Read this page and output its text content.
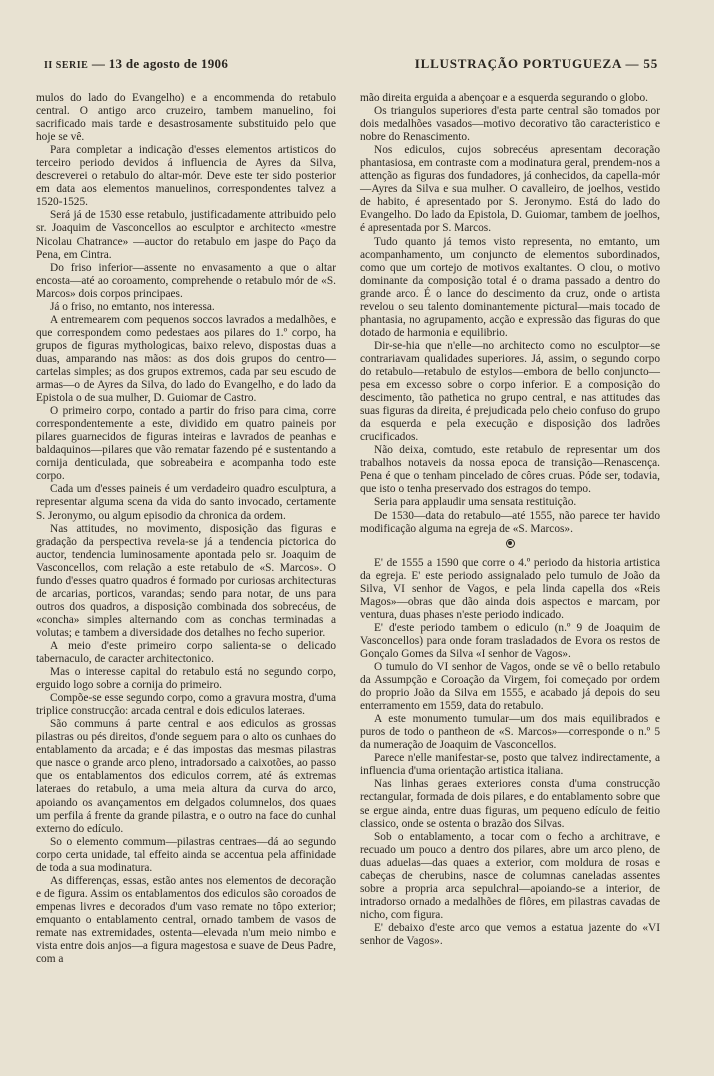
II SERIE — 13 de agosto de 1906	ILLUSTRAÇÃO PORTUGUEZA — 55

mulos do lado do Evangelho) e a encommenda do retabulo central. O antigo arco cruzeiro, tambem manuelino, foi sacrificado mais tarde e desastrosamente substituido pelo que hoje se vê.

Para completar a indicação d'esses elementos artisticos do terceiro periodo devidos á influencia de Ayres da Silva, descreverei o retabulo do altar-mór. Deve este ter sido posterior em data aos elementos manuelinos, correspondentes talvez a 1520-1525.

Será já de 1530 esse retabulo, justificadamente attribuido pelo sr. Joaquim de Vasconcellos ao esculptor e architecto «mestre Nicolau Chatrance» —auctor do retabulo em jaspe do Paço da Pena, em Cintra.

Do friso inferior—assente no envasamento a que o altar encosta—até ao coroamento, comprehende o retabulo mór de «S. Marcos» dois corpos principaes.

Já o friso, no emtanto, nos interessa.

A entremearem com pequenos soccos lavrados a medalhões, e que correspondem como pedestaes aos pilares do 1.º corpo, ha grupos de figuras mythologicas, baixo relevo, dispostas duas a duas, amparando nas mãos: as dos dois grupos do centro—cartelas simples; as dos grupos extremos, cada par seu escudo de armas—o de Ayres da Silva, do lado do Evangelho, e do lado da Epistola o de sua mulher, D. Guiomar de Castro.

O primeiro corpo, contado a partir do friso para cima, corre correspondentemente a este, dividido em quatro paineis por pilares guarnecidos de figuras inteiras e lavrados de peanhas e baldaquinos—pilares que vão rematar fazendo pé e sustentando a cornija denticulada, que sobreabeira e acompanha todo este corpo.

Cada um d'esses paineis é um verdadeiro quadro esculptura, a representar alguma scena da vida do santo invocado, certamente S. Jeronymo, ou algum episodio da chronica da ordem.

Nas attitudes, no movimento, disposição das figuras e gradação da perspectiva revela-se já a tendencia pictorica do auctor, tendencia luminosamente apontada pelo sr. Joaquim de Vasconcellos, com relação a este retabulo de «S. Marcos». O fundo d'esses quatro quadros é formado por curiosas architecturas de arcarias, porticos, varandas; sendo para notar, de uns para outros dos quadros, a disposição combinada dos sobrecéus, de «concha» simples alternando com as conchas terminadas a volutas; e tambem a diversidade dos detalhes no fecho superior.

A meio d'este primeiro corpo salienta-se o delicado tabernaculo, de caracter architectonico.

Mas o interesse capital do retabulo está no segundo corpo, erguido logo sobre a cornija do primeiro.

Compõe-se esse segundo corpo, como a gravura mostra, d'uma triplice construcção: arcada central e dois ediculos lateraes.

São communs á parte central e aos ediculos as grossas pilastras ou pés direitos, d'onde seguem para o alto os cunhaes do entablamento da arcada; e é das impostas das mesmas pilastras que nasce o grande arco pleno, intradorsado a caixotões, ao passo que os entablamentos dos ediculos correm, até ás extremas lateraes do retabulo, a uma meia altura da curva do arco, apoiando os avançamentos em delgados columnelos, dos quaes um perfila á frente da grande pilastra, e o outro na face do cunhal externo do edículo.

So o elemento commum—pilastras centraes—dá ao segundo corpo certa unidade, tal effeito ainda se accentua pela affinidade de toda a sua modinatura.

As differenças, essas, estão antes nos elementos de decoração e de figura. Assim os entablamentos dos ediculos são coroados de empenas livres e decorados d'um vaso remate no tôpo exterior; emquanto o entablamento central, ornado tambem de vasos de remate nas extremidades, ostenta—elevada n'um meio nimbo e vista entre dois anjos—a figura magestosa e suave de Deus Padre, com a

mão direita erguida a abençoar e a esquerda segurando o globo.

Os triangulos superiores d'esta parte central são tomados por dois medalhões vasados—motivo decorativo tão caracteristico e nobre do Renascimento.

Nos ediculos, cujos sobrecéus apresentam decoração phantasiosa, em contraste com a modinatura geral, prendem-nos a attenção as figuras dos fundadores, já conhecidos, da capella-mór—Ayres da Silva e sua mulher. O cavalleiro, de joelhos, vestido de habito, é apresentado por S. Jeronymo. Está do lado do Evangelho. Do lado da Epistola, D. Guiomar, tambem de joelhos, é apresentada por S. Marcos.

Tudo quanto já temos visto representa, no emtanto, um acompanhamento, um conjuncto de elementos subordinados, como que um cortejo de motivos exaltantes. O clou, o motivo dominante da composição total é o drama passado a dentro do grande arco. É o lance do descimento da cruz, onde o artista revelou o seu talento dominantemente pictural—mais tocado de phantasia, no agrupamento, acção e expressão das figuras do que dotado de harmonia e equilibrio.

Dir-se-hia que n'elle—no architecto como no esculptor—se contrariavam qualidades superiores. Já, assim, o segundo corpo do retabulo—retabulo de estylos—embora de bello conjuncto—pesa em excesso sobre o corpo inferior. E a composição do descimento, tão pathetica no grupo central, e nas attitudes das suas figuras da direita, é prejudicada pelo cheio confuso do grupo da esquerda e pela execução e disposição dos ladrões crucificados.

Não deixa, comtudo, este retabulo de representar um dos trabalhos notaveis da nossa epoca de transição—Renascença. Pena é que o tenham pincelado de côres cruas. Póde ser, todavia, que isto o tenha preservado dos estragos do tempo.

Seria para applaudir uma sensata restituição.

De 1530—data do retabulo—até 1555, não parece ter havido modificação alguma na egreja de «S. Marcos».

E' de 1555 a 1590 que corre o 4.º periodo da historia artistica da egreja. E' este periodo assignalado pelo tumulo de João da Silva, VI senhor de Vagos, e pela linda capella dos «Reis Magos»—obras que dão ainda dois aspectos e marcam, por ventura, duas phases n'este periodo indicado.

E' d'este periodo tambem o ediculo (n.º 9 de Joaquim de Vasconcellos) para onde foram trasladados de Evora os restos de Gonçalo Gomes da Silva «I senhor de Vagos».

O tumulo do VI senhor de Vagos, onde se vê o bello retabulo da Assumpção e Coroação da Virgem, foi começado por ordem do proprio João da Silva em 1555, e acabado já depois do seu enterramento em 1559, data do retabulo.

A este monumento tumular—um dos mais equilibrados e puros de todo o pantheon de «S. Marcos»—corresponde o n.º 5 da numeração de Joaquim de Vasconcellos.

Parece n'elle manifestar-se, posto que talvez indirectamente, a influencia d'uma orientação artistica italiana.

Nas linhas geraes exteriores consta d'uma construcção rectangular, formada de dois pilares, e do entablamento sobre que se ergue ainda, entre duas figuras, um pequeno edículo de feitio classico, onde se ostenta o brazão dos Silvas.

Sob o entablamento, a tocar com o fecho a architrave, e recuado um pouco a dentro dos pilares, abre um arco pleno, de duas aduelas—das quaes a exterior, com moldura de rosas e cabeças de cherubins, nasce de columnas caneladas assentes sobre a propria arca sepulchral—apoiando-se a interior, de intradorso ornado a medalhões de flôres, em pilastras cavadas de nicho, com figura.

E' debaixo d'este arco que vemos a estatua jazente do «VI senhor de Vagos».
